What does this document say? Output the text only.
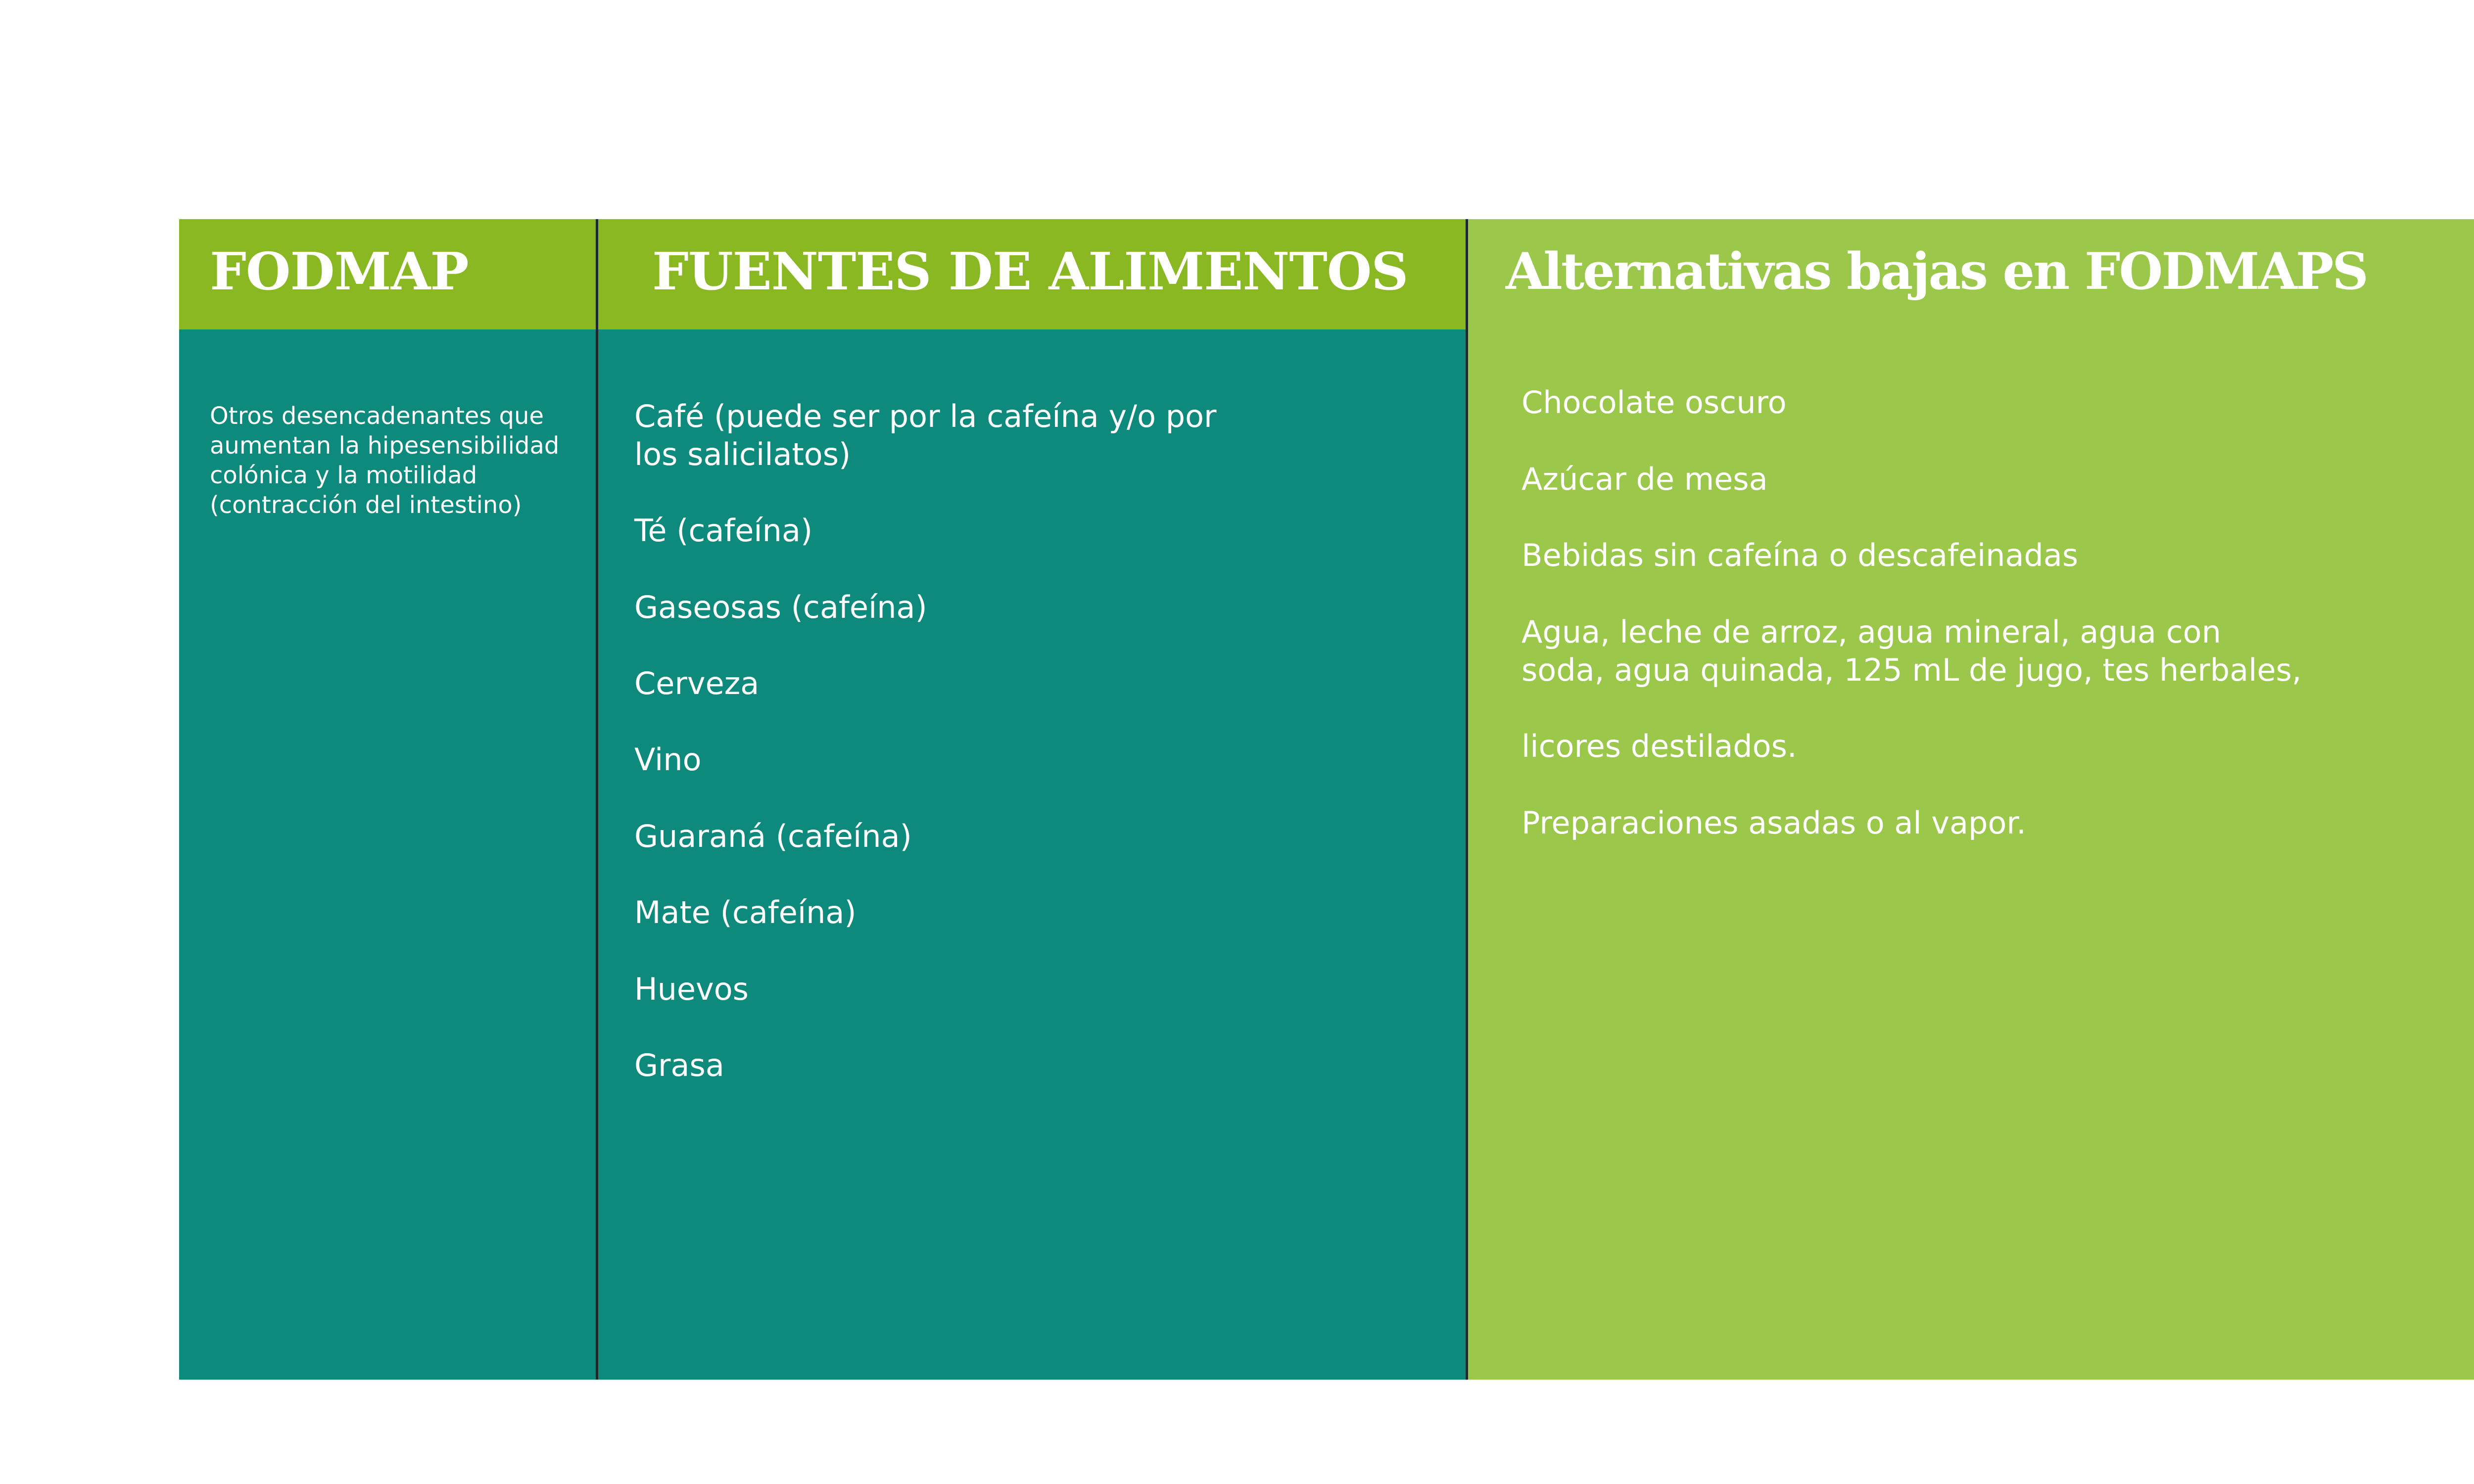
FODMAP
Otros desencadenantes que
aumentan la hipesensibilidad
colónica y la motilidad
(contracción del intestino)
FUENTES DE ALIMENTOS
Café (puede ser por la cafeína y/o por
los salicilatos)
Té (cafeína)
Gaseosas (cafeína)
Cerveza
Vino
Guaraná (cafeína)
Mate (cafeína)
Huevos
Grasa
Alternativas bajas en FODMAPS
Chocolate oscuro
Azúcar de mesa
Bebidas sin cafeína o descafeinadas
Agua, leche de arroz, agua mineral, agua con
soda, agua quinada, 125 mL de jugo, tes herbales,
licores destilados.
Preparaciones asadas o al vapor.
